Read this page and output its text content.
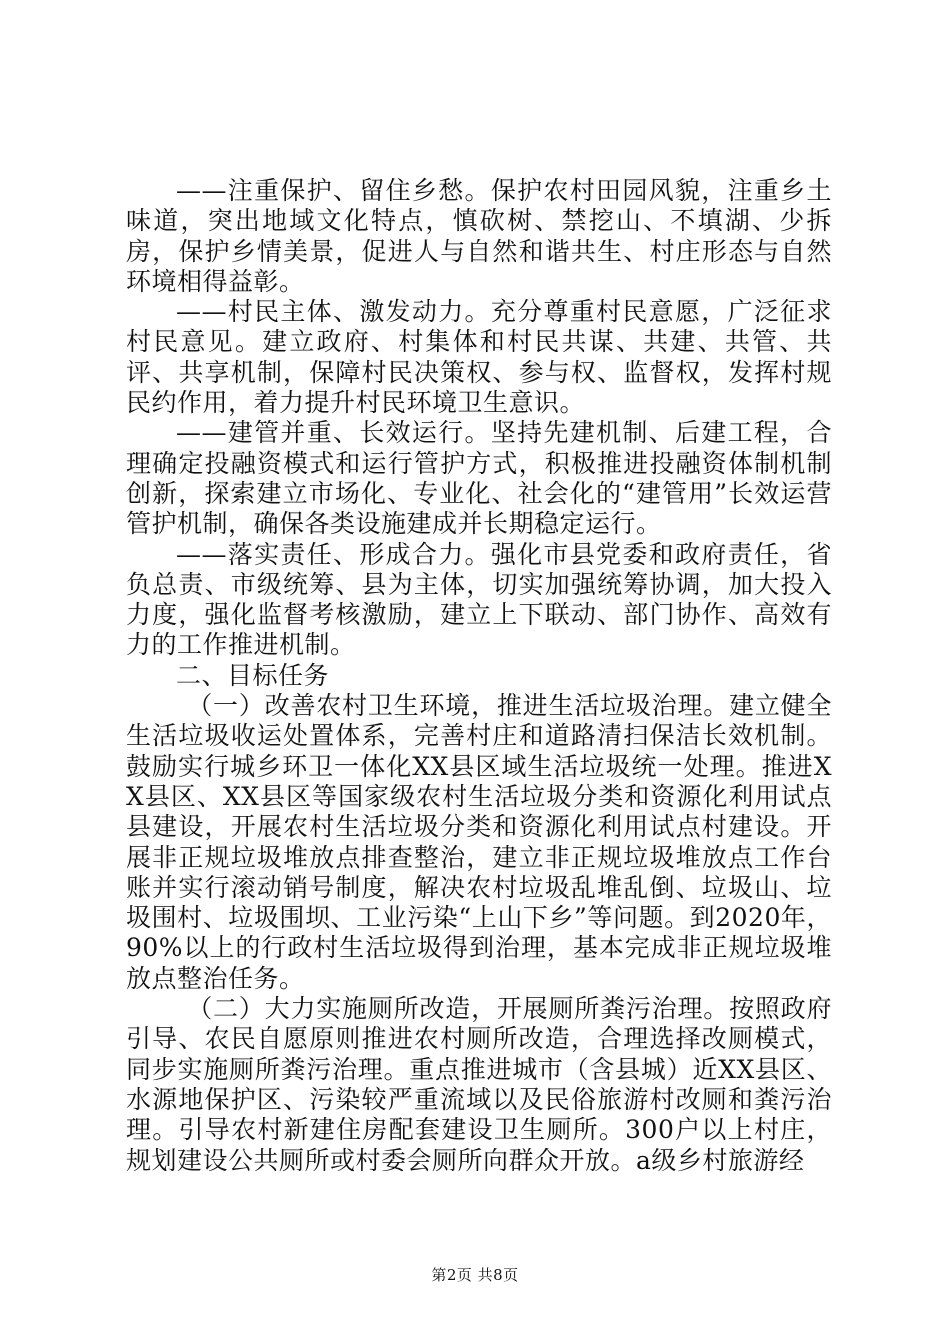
——注重保护、留住乡愁。保护农村田园风貌，注重乡土味道，突出地域文化特点，慎砍树、禁挖山、不填湖、少拆房，保护乡情美景，促进人与自然和谐共生、村庄形态与自然环境相得益彰。

——村民主体、激发动力。充分尊重村民意愿，广泛征求村民意见。建立政府、村集体和村民共谋、共建、共管、共评、共享机制，保障村民决策权、参与权、监督权，发挥村规民约作用，着力提升村民环境卫生意识。

——建管并重、长效运行。坚持先建机制、后建工程，合理确定投融资模式和运行管护方式，积极推进投融资体制机制创新，探索建立市场化、专业化、社会化的“建管用”长效运营管护机制，确保各类设施建成并长期稳定运行。

——落实责任、形成合力。强化市县党委和政府责任，省负总责、市级统筹、县为主体，切实加强统筹协调，加大投入力度，强化监督考核激励，建立上下联动、部门协作、高效有力的工作推进机制。

二、目标任务

（一）改善农村卫生环境，推进生活垃圾治理。建立健全生活垃圾收运处置体系，完善村庄和道路清扫保洁长效机制。鼓励实行城乡环卫一体化XX县区域生活垃圾统一处理。推进XX县区、XX县区等国家级农村生活垃圾分类和资源化利用试点县建设，开展农村生活垃圾分类和资源化利用试点村建设。开展非正规垃圾堆放点排查整治，建立非正规垃圾堆放点工作台账并实行滚动销号制度，解决农村垃圾乱堆乱倒、垃圾山、垃圾围村、垃圾围坝、工业污染“上山下乡”等问题。到2020年，90%以上的行政村生活垃圾得到治理，基本完成非正规垃圾堆放点整治任务。

（二）大力实施厕所改造，开展厕所粪污治理。按照政府引导、农民自愿原则推进农村厕所改造，合理选择改厕模式，同步实施厕所粪污治理。重点推进城市（含县城）近XX县区、水源地保护区、污染较严重流域以及民俗旅游村改厕和粪污治理。引导农村新建住房配套建设卫生厕所。300户以上村庄，规划建设公共厕所或村委会厕所向群众开放。a级乡村旅游经

第2页 共8页
